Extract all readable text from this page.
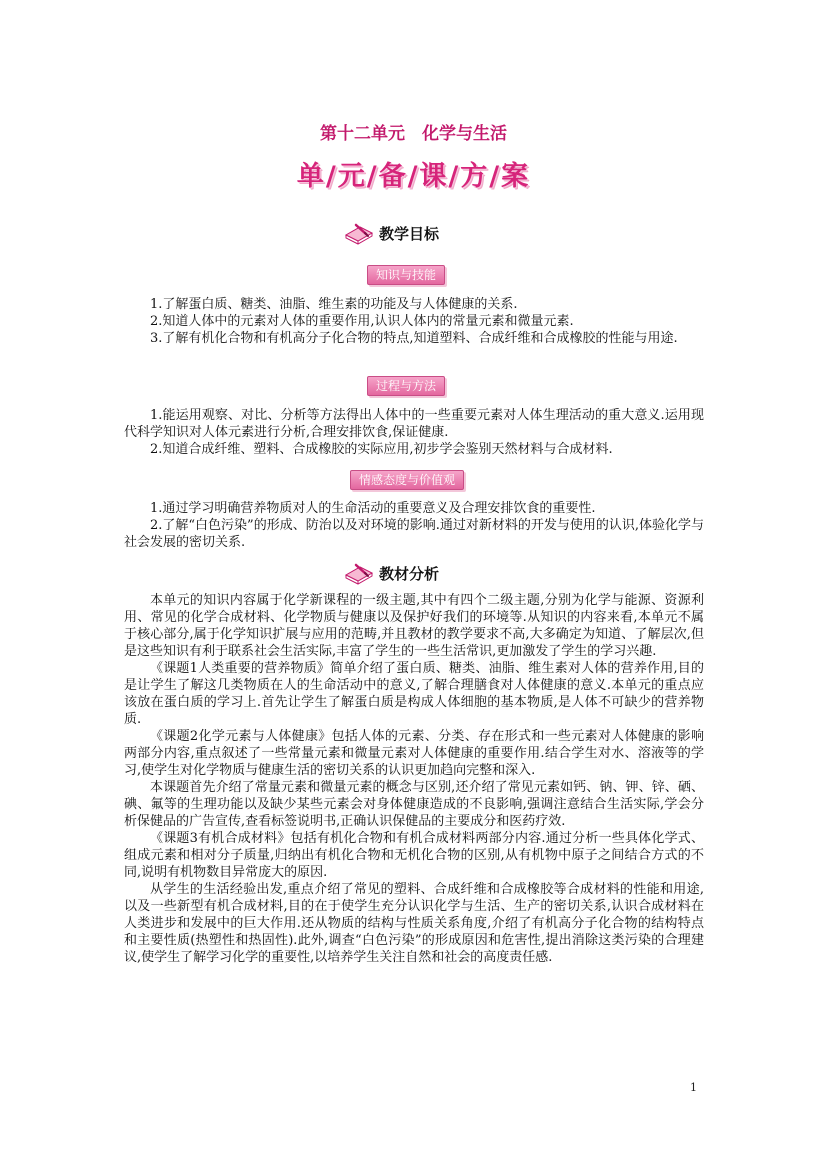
第十二单元　化学与生活
单/元/备/课/方/案
教学目标
知识与技能

1.了解蛋白质、糖类、油脂、维生素的功能及与人体健康的关系.

2.知道人体中的元素对人体的重要作用,认识人体内的常量元素和微量元素.

3.了解有机化合物和有机高分子化合物的特点,知道塑料、合成纤维和合成橡胶的性能与用途.

过程与方法

1.能运用观察、对比、分析等方法得出人体中的一些重要元素对人体生理活动的重大意义.运用现代科学知识对人体元素进行分析,合理安排饮食,保证健康.

2.知道合成纤维、塑料、合成橡胶的实际应用,初步学会鉴别天然材料与合成材料.

情感态度与价值观

1.通过学习明确营养物质对人的生命活动的重要意义及合理安排饮食的重要性.

2.了解“白色污染”的形成、防治以及对环境的影响.通过对新材料的开发与使用的认识,体验化学与社会发展的密切关系.

教材分析

本单元的知识内容属于化学新课程的一级主题,其中有四个二级主题,分别为化学与能源、资源利用、常见的化学合成材料、化学物质与健康以及保护好我们的环境等.从知识的内容来看,本单元不属于核心部分,属于化学知识扩展与应用的范畴,并且教材的教学要求不高,大多确定为知道、了解层次,但是这些知识有利于联系社会生活实际,丰富了学生的一些生活常识,更加激发了学生的学习兴趣.

《课题1人类重要的营养物质》简单介绍了蛋白质、糖类、油脂、维生素对人体的营养作用,目的是让学生了解这几类物质在人的生命活动中的意义,了解合理膳食对人体健康的意义.本单元的重点应该放在蛋白质的学习上.首先让学生了解蛋白质是构成人体细胞的基本物质,是人体不可缺少的营养物质.

《课题2化学元素与人体健康》包括人体的元素、分类、存在形式和一些元素对人体健康的影响两部分内容,重点叙述了一些常量元素和微量元素对人体健康的重要作用.结合学生对水、溶液等的学习,使学生对化学物质与健康生活的密切关系的认识更加趋向完整和深入.

本课题首先介绍了常量元素和微量元素的概念与区别,还介绍了常见元素如钙、钠、钾、锌、硒、碘、氟等的生理功能以及缺少某些元素会对身体健康造成的不良影响,强调注意结合生活实际,学会分析保健品的广告宣传,查看标签说明书,正确认识保健品的主要成分和医药疗效.

《课题3有机合成材料》包括有机化合物和有机合成材料两部分内容.通过分析一些具体化学式、组成元素和相对分子质量,归纳出有机化合物和无机化合物的区别,从有机物中原子之间结合方式的不同,说明有机物数目异常庞大的原因.

从学生的生活经验出发,重点介绍了常见的塑料、合成纤维和合成橡胶等合成材料的性能和用途,以及一些新型有机合成材料,目的在于使学生充分认识化学与生活、生产的密切关系,认识合成材料在人类进步和发展中的巨大作用.还从物质的结构与性质关系角度,介绍了有机高分子化合物的结构特点和主要性质(热塑性和热固性).此外,调查“白色污染”的形成原因和危害性,提出消除这类污染的合理建议,使学生了解学习化学的重要性,以培养学生关注自然和社会的高度责任感.

1
